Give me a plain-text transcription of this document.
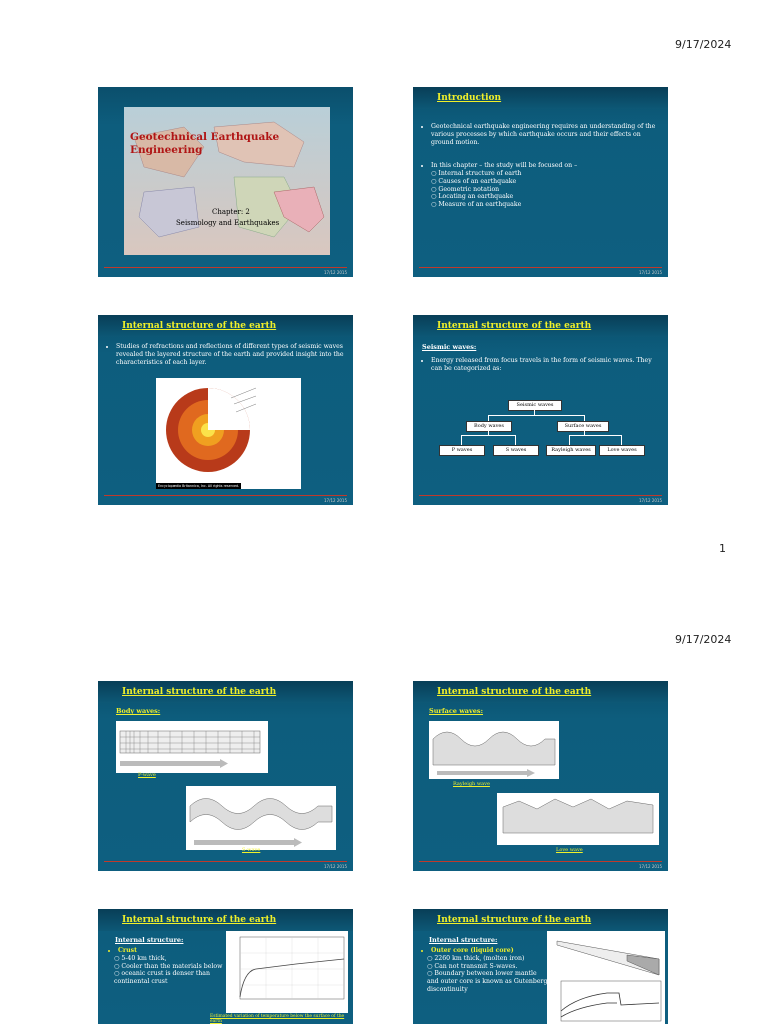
9/17/2024
Geotechnical Earthquake
Engineering
Chapter: 2
Seismology and Earthquakes
17/12 2015
Introduction
• Geotechnical earthquake engineering requires an understanding of the various processes by which earthquake occurs and their effects on ground motion.
• In this chapter – the study will be focused on –
○ Internal structure of earth
○ Causes of an earthquake
○ Geometric notation
○ Locating an earthquake
○ Measure of an earthquake
17/12 2015
Internal structure of the earth
• Studies of refractions and reflections of different types of seismic waves revealed the layered structure of the earth and provided insight into the characteristics of each layer.
Encyclopædia Britannica, Inc. All rights reserved.
17/12 2015
Internal structure of the earth
Seismic waves:
• Energy released from focus travels in the form of seismic waves. They can be categorized as:
Seismic waves
Body waves	Surface waves
P waves	S waves	Rayleigh waves	Love waves
17/12 2015
1
9/17/2024
Internal structure of the earth
Body waves:
P-wave
S-wave
17/12 2015
Internal structure of the earth
Surface waves:
Rayleigh wave
Love wave
17/12 2015
Internal structure of the earth
Internal structure:
• Crust
○ 5-40 km thick,
○ Cooler than the materials below
○ oceanic crust is denser than continental crust
Estimated variation of temperature below the surface of the earth
Internal structure of the earth
Internal structure:
• Outer core (liquid core)
○ 2260 km thick, (molten iron)
○ Can not transmit S-waves.
○ Boundary between lower mantle and outer core is known as Gutenberg discontinuity
